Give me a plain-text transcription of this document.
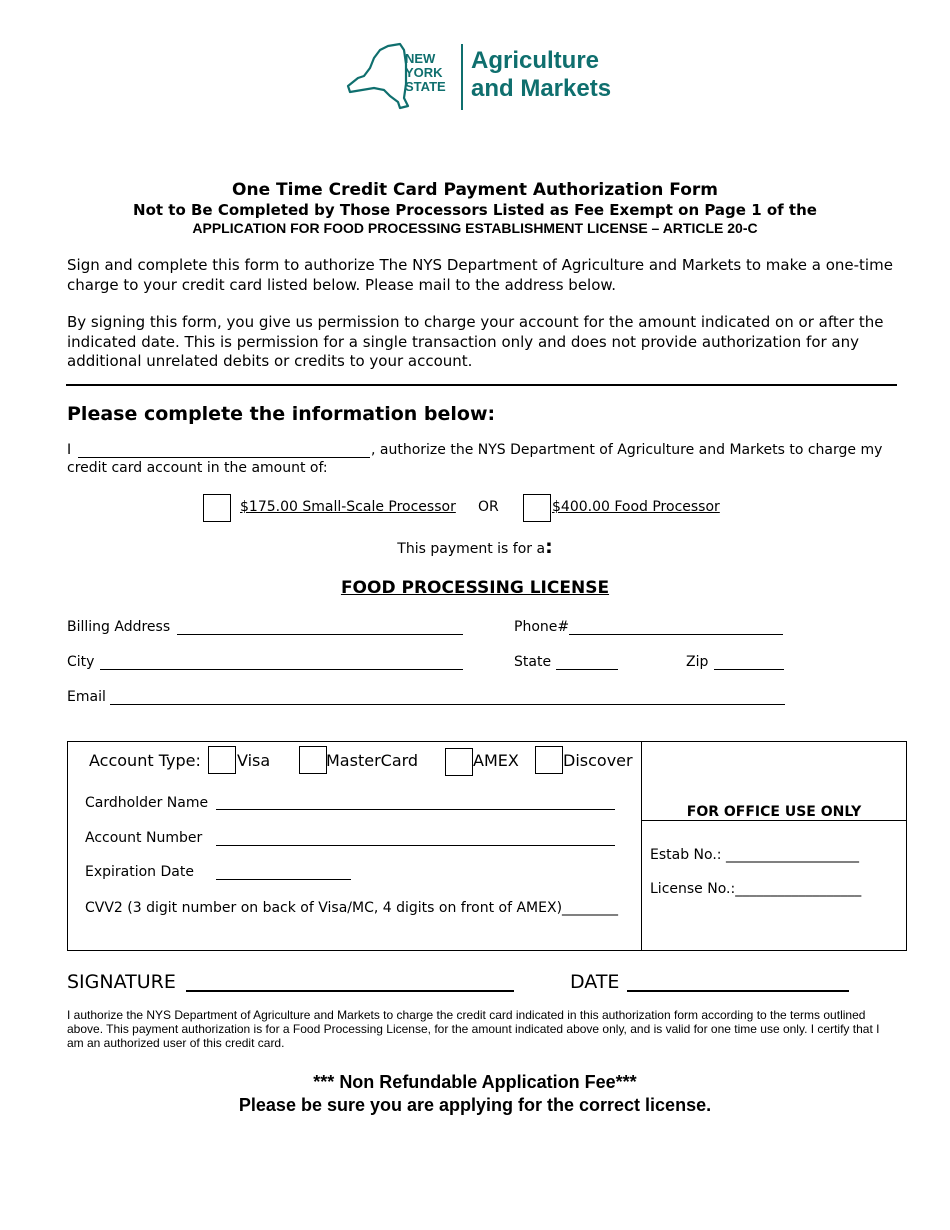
NEW
YORK
STATE
Agriculture
and Markets
One Time Credit Card Payment Authorization Form
Not to Be Completed by Those Processors Listed as Fee Exempt on Page 1 of the
APPLICATION FOR FOOD PROCESSING ESTABLISHMENT LICENSE – ARTICLE 20-C
Sign and complete this form to authorize The NYS Department of Agriculture and Markets to make a one-time charge to your credit card listed below. Please mail to the address below.
By signing this form, you give us permission to charge your account for the amount indicated on or after the indicated date. This is permission for a single transaction only and does not provide authorization for any additional unrelated debits or credits to your account.
Please complete the information below:
I	, authorize the NYS Department of Agriculture and Markets to charge my
credit card account in the amount of:
$175.00 Small-Scale Processor OR	$400.00 Food Processor
This payment is for a:
FOOD PROCESSING LICENSE
Billing Address	Phone#
City	State	Zip
Email
Account Type: Visa	MasterCard	AMEX	Discover
Cardholder Name
Account Number
Expiration Date
CVV2 (3 digit number on back of Visa/MC, 4 digits on front of AMEX)________
FOR OFFICE USE ONLY
Estab No.: ___________________
License No.:__________________
SIGNATURE	DATE
I authorize the NYS Department of Agriculture and Markets to charge the credit card indicated in this authorization form according to the terms outlined above. This payment authorization is for a Food Processing License, for the amount indicated above only, and is valid for one time use only. I certify that I am an authorized user of this credit card.
*** Non Refundable Application Fee***
Please be sure you are applying for the correct license.
